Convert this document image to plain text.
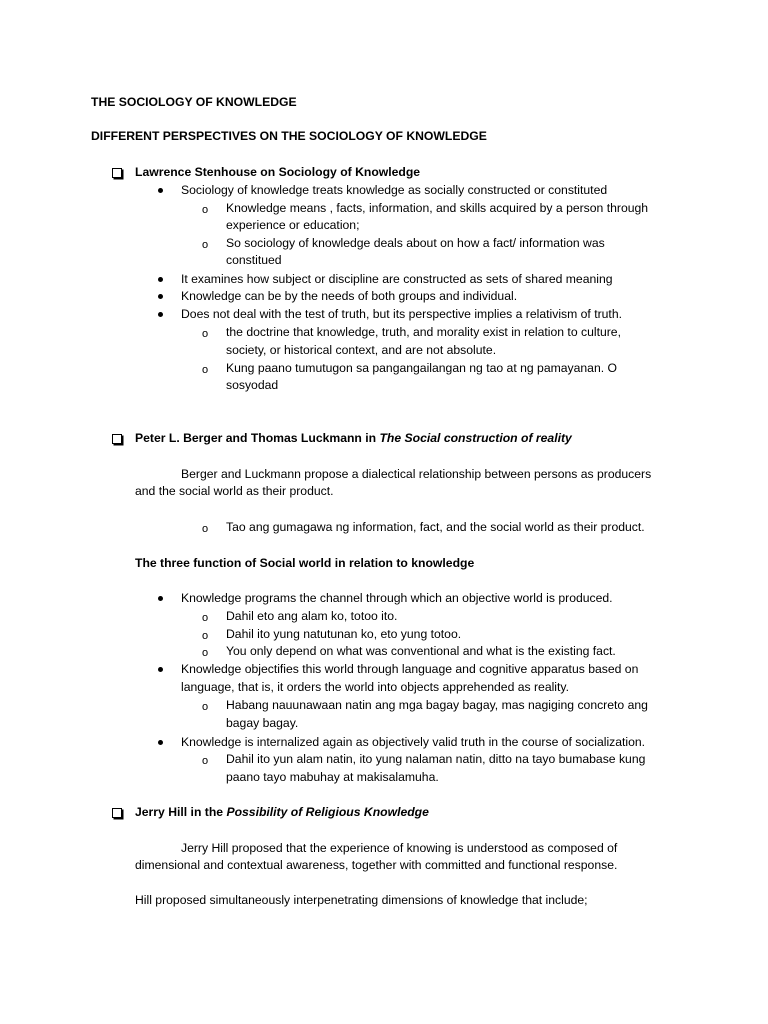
THE SOCIOLOGY OF KNOWLEDGE
DIFFERENT PERSPECTIVES ON THE SOCIOLOGY OF KNOWLEDGE
Lawrence Stenhouse on Sociology of Knowledge
Sociology of knowledge treats knowledge as socially constructed or constituted
o Knowledge means , facts, information, and skills acquired by a person through
experience or education;
o So sociology of knowledge deals about on how a fact/ information was
constitued
It examines how subject or discipline are constructed as sets of shared meaning
Knowledge can be by the needs of both groups and individual.
Does not deal with the test of truth, but its perspective implies a relativism of truth.
o the doctrine that knowledge, truth, and morality exist in relation to culture,
society, or historical context, and are not absolute.
o Kung paano tumutugon sa pangangailangan ng tao at ng pamayanan. O
sosyodad
Peter L. Berger and Thomas Luckmann in The Social construction of reality
Berger and Luckmann propose a dialectical relationship between persons as producers
and the social world as their product.
o Tao ang gumagawa ng information, fact, and the social world as their product.
The three function of Social world in relation to knowledge
Knowledge programs the channel through which an objective world is produced.
o Dahil eto ang alam ko, totoo ito.
o Dahil ito yung natutunan ko, eto yung totoo.
o You only depend on what was conventional and what is the existing fact.
Knowledge objectifies this world through language and cognitive apparatus based on
language, that is, it orders the world into objects apprehended as reality.
o Habang nauunawaan natin ang mga bagay bagay, mas nagiging concreto ang
bagay bagay.
Knowledge is internalized again as objectively valid truth in the course of socialization.
o Dahil ito yun alam natin, ito yung nalaman natin, ditto na tayo bumabase kung
paano tayo mabuhay at makisalamuha.
Jerry Hill in the Possibility of Religious Knowledge
Jerry Hill proposed that the experience of knowing is understood as composed of
dimensional and contextual awareness, together with committed and functional response.
Hill proposed simultaneously interpenetrating dimensions of knowledge that include;
